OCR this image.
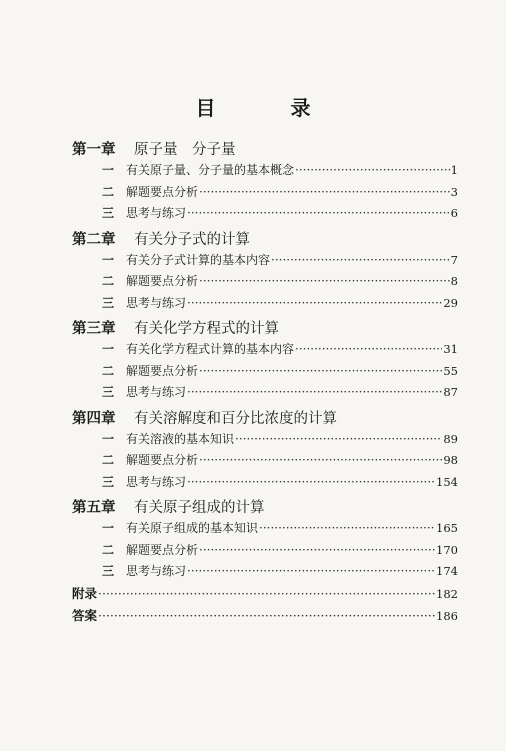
目 录
第一章	原子量　分子量
一 有关原子量、分子量的基本概念 ·····	1
二 解题要点分析 ·····	3
三 思考与练习 ·····	6
第二章	有关分子式的计算
一 有关分子式计算的基本内容 ·····	7
二 解题要点分析 ·····	8
三 思考与练习 ·····	29
第三章	有关化学方程式的计算
一 有关化学方程式计算的基本内容 ·····	31
二 解题要点分析 ·····	55
三 思考与练习 ·····	87
第四章	有关溶解度和百分比浓度的计算
一 有关溶液的基本知识 ·····	89
二 解题要点分析 ·····	98
三 思考与练习 ·····	154
第五章	有关原子组成的计算
一 有关原子组成的基本知识 ·····	165
二 解题要点分析 ·····	170
三 思考与练习 ·····	174
附录 ·····	182
答案 ·····	186
